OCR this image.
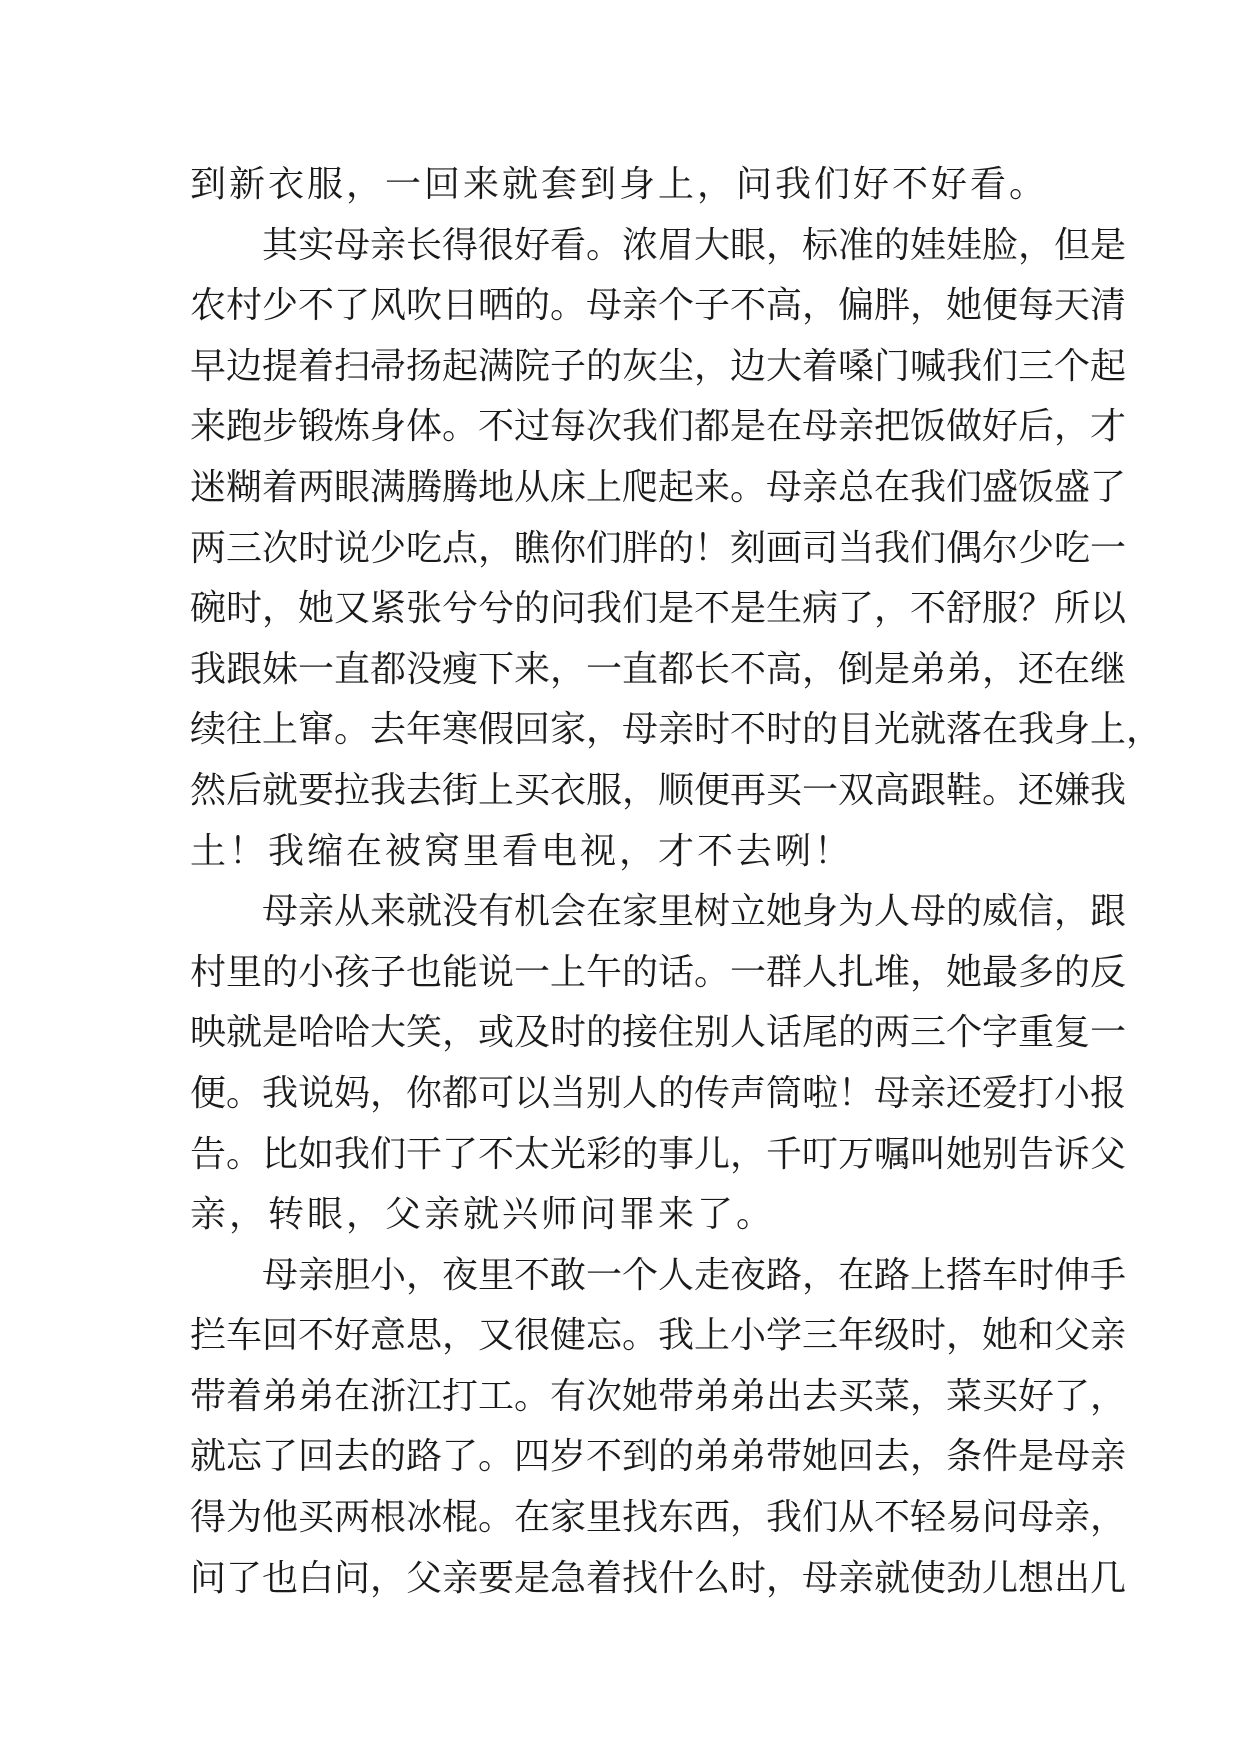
到新衣服，一回来就套到身上，问我们好不好看。
其实母亲长得很好看。浓眉大眼，标准的娃娃脸，但是
农村少不了风吹日晒的。母亲个子不高，偏胖，她便每天清
早边提着扫帚扬起满院子的灰尘，边大着嗓门喊我们三个起
来跑步锻炼身体。不过每次我们都是在母亲把饭做好后，才
迷糊着两眼满腾腾地从床上爬起来。母亲总在我们盛饭盛了
两三次时说少吃点，瞧你们胖的！刻画司当我们偶尔少吃一
碗时，她又紧张兮兮的问我们是不是生病了，不舒服？所以
我跟妹一直都没瘦下来，一直都长不高，倒是弟弟，还在继
续往上窜。去年寒假回家，母亲时不时的目光就落在我身上，
然后就要拉我去街上买衣服，顺便再买一双高跟鞋。还嫌我
土！我缩在被窝里看电视，才不去咧！
母亲从来就没有机会在家里树立她身为人母的威信，跟
村里的小孩子也能说一上午的话。一群人扎堆，她最多的反
映就是哈哈大笑，或及时的接住别人话尾的两三个字重复一
便。我说妈，你都可以当别人的传声筒啦！母亲还爱打小报
告。比如我们干了不太光彩的事儿，千叮万嘱叫她别告诉父
亲，转眼，父亲就兴师问罪来了。
母亲胆小，夜里不敢一个人走夜路，在路上搭车时伸手
拦车回不好意思，又很健忘。我上小学三年级时，她和父亲
带着弟弟在浙江打工。有次她带弟弟出去买菜，菜买好了，
就忘了回去的路了。四岁不到的弟弟带她回去，条件是母亲
得为他买两根冰棍。在家里找东西，我们从不轻易问母亲，
问了也白问，父亲要是急着找什么时，母亲就使劲儿想出几
